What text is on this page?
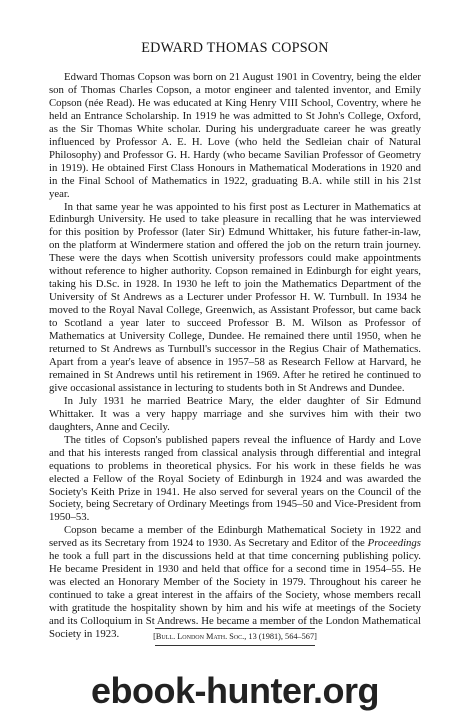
EDWARD THOMAS COPSON

Edward Thomas Copson was born on 21 August 1901 in Coventry, being the elder son of Thomas Charles Copson, a motor engineer and talented inventor, and Emily Copson (née Read). He was educated at King Henry VIII School, Coventry, where he held an Entrance Scholarship. In 1919 he was admitted to St John's College, Oxford, as the Sir Thomas White scholar. During his undergraduate career he was greatly influenced by Professor A. E. H. Love (who held the Sedleian chair of Natural Philosophy) and Professor G. H. Hardy (who became Savilian Professor of Geometry in 1919). He obtained First Class Honours in Mathematical Moderations in 1920 and in the Final School of Mathematics in 1922, graduating B.A. while still in his 21st year.

In that same year he was appointed to his first post as Lecturer in Mathematics at Edinburgh University. He used to take pleasure in recalling that he was interviewed for this position by Professor (later Sir) Edmund Whittaker, his future father-in-law, on the platform at Windermere station and offered the job on the return train journey. These were the days when Scottish university professors could make appointments without reference to higher authority. Copson remained in Edinburgh for eight years, taking his D.Sc. in 1928. In 1930 he left to join the Mathematics Department of the University of St Andrews as a Lecturer under Professor H. W. Turnbull. In 1934 he moved to the Royal Naval College, Greenwich, as Assistant Professor, but came back to Scotland a year later to succeed Professor B. M. Wilson as Professor of Mathematics at University College, Dundee. He remained there until 1950, when he returned to St Andrews as Turnbull's successor in the Regius Chair of Mathematics. Apart from a year's leave of absence in 1957–58 as Research Fellow at Harvard, he remained in St Andrews until his retirement in 1969. After he retired he continued to give occasional assistance in lecturing to students both in St Andrews and Dundee.

In July 1931 he married Beatrice Mary, the elder daughter of Sir Edmund Whittaker. It was a very happy marriage and she survives him with their two daughters, Anne and Cecily.

The titles of Copson's published papers reveal the influence of Hardy and Love and that his interests ranged from classical analysis through differential and integral equations to problems in theoretical physics. For his work in these fields he was elected a Fellow of the Royal Society of Edinburgh in 1924 and was awarded the Society's Keith Prize in 1941. He also served for several years on the Council of the Society, being Secretary of Ordinary Meetings from 1945–50 and Vice-President from 1950–53.

Copson became a member of the Edinburgh Mathematical Society in 1922 and served as its Secretary from 1924 to 1930. As Secretary and Editor of the Proceedings he took a full part in the discussions held at that time concerning publishing policy. He became President in 1930 and held that office for a second time in 1954–55. He was elected an Honorary Member of the Society in 1979. Throughout his career he continued to take a great interest in the affairs of the Society, whose members recall with gratitude the hospitality shown by him and his wife at meetings of the Society and its Colloquium in St Andrews. He became a member of the London Mathematical Society in 1923.	[Bull. London Math. Soc., 13 (1981), 564–567]
ebook-hunter.org
